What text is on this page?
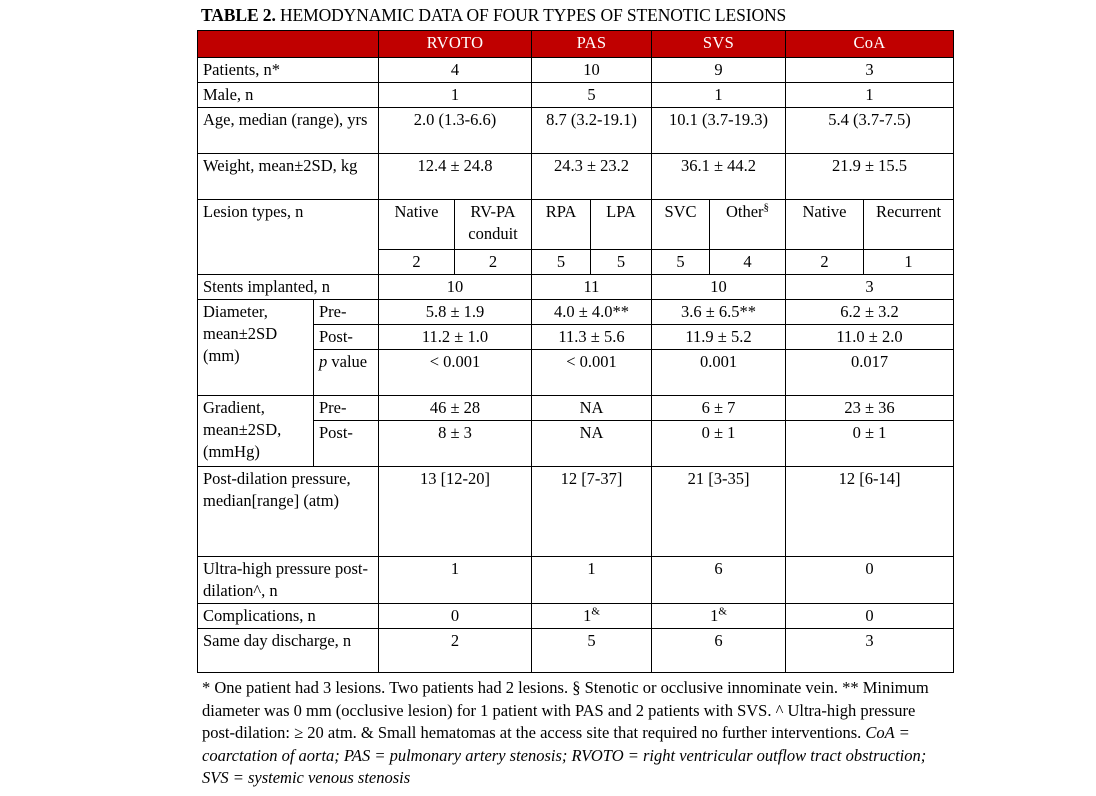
TABLE 2. HEMODYNAMIC DATA OF FOUR TYPES OF STENOTIC LESIONS
		RVOTO		PAS		SVS		CoA	
Patients, n*		4		10		9		3	
Male, n		1		5		1		1	
Age, median (range), yrs		2.0 (1.3-6.6)		8.7 (3.2-19.1)		10.1 (3.7-19.3)		5.4 (3.7-7.5)	
Weight, mean±2SD, kg		12.4 ± 24.8		24.3 ± 23.2		36.1 ± 44.2		21.9 ± 15.5	
Lesion types, n		Native	RV-PA conduit	RPA	LPA	SVC	Other§	Native	Recurrent
		2	2	5	5	5	4	2	1
Stents implanted, n		10		11		10		3	
Diameter, mean±2SD (mm)	Pre-	5.8 ± 1.9		4.0 ± 4.0**		3.6 ± 6.5**		6.2 ± 3.2	
	Post-	11.2 ± 1.0		11.3 ± 5.6		11.9 ± 5.2		11.0 ± 2.0	
	p value	< 0.001		< 0.001		0.001		0.017	
Gradient, mean±2SD, (mmHg)	Pre-	46 ± 28		NA		6 ± 7		23 ± 36	
	Post-	8 ± 3		NA		0 ± 1		0 ± 1	
Post-dilation pressure, median[range] (atm)		13 [12-20]		12 [7-37]		21 [3-35]		12 [6-14]	
Ultra-high pressure post-dilation^, n		1		1		6		0	
Complications, n		0		1&		1&		0	
Same day discharge, n		2		5		6		3	
* One patient had 3 lesions. Two patients had 2 lesions. § Stenotic or occlusive innominate vein. ** Minimum diameter was 0 mm (occlusive lesion) for 1 patient with PAS and 2 patients with SVS. ^ Ultra-high pressure post-dilation: ≥ 20 atm. & Small hematomas at the access site that required no further interventions. CoA = coarctation of aorta; PAS = pulmonary artery stenosis; RVOTO = right ventricular outflow tract obstruction; SVS = systemic venous stenosis
